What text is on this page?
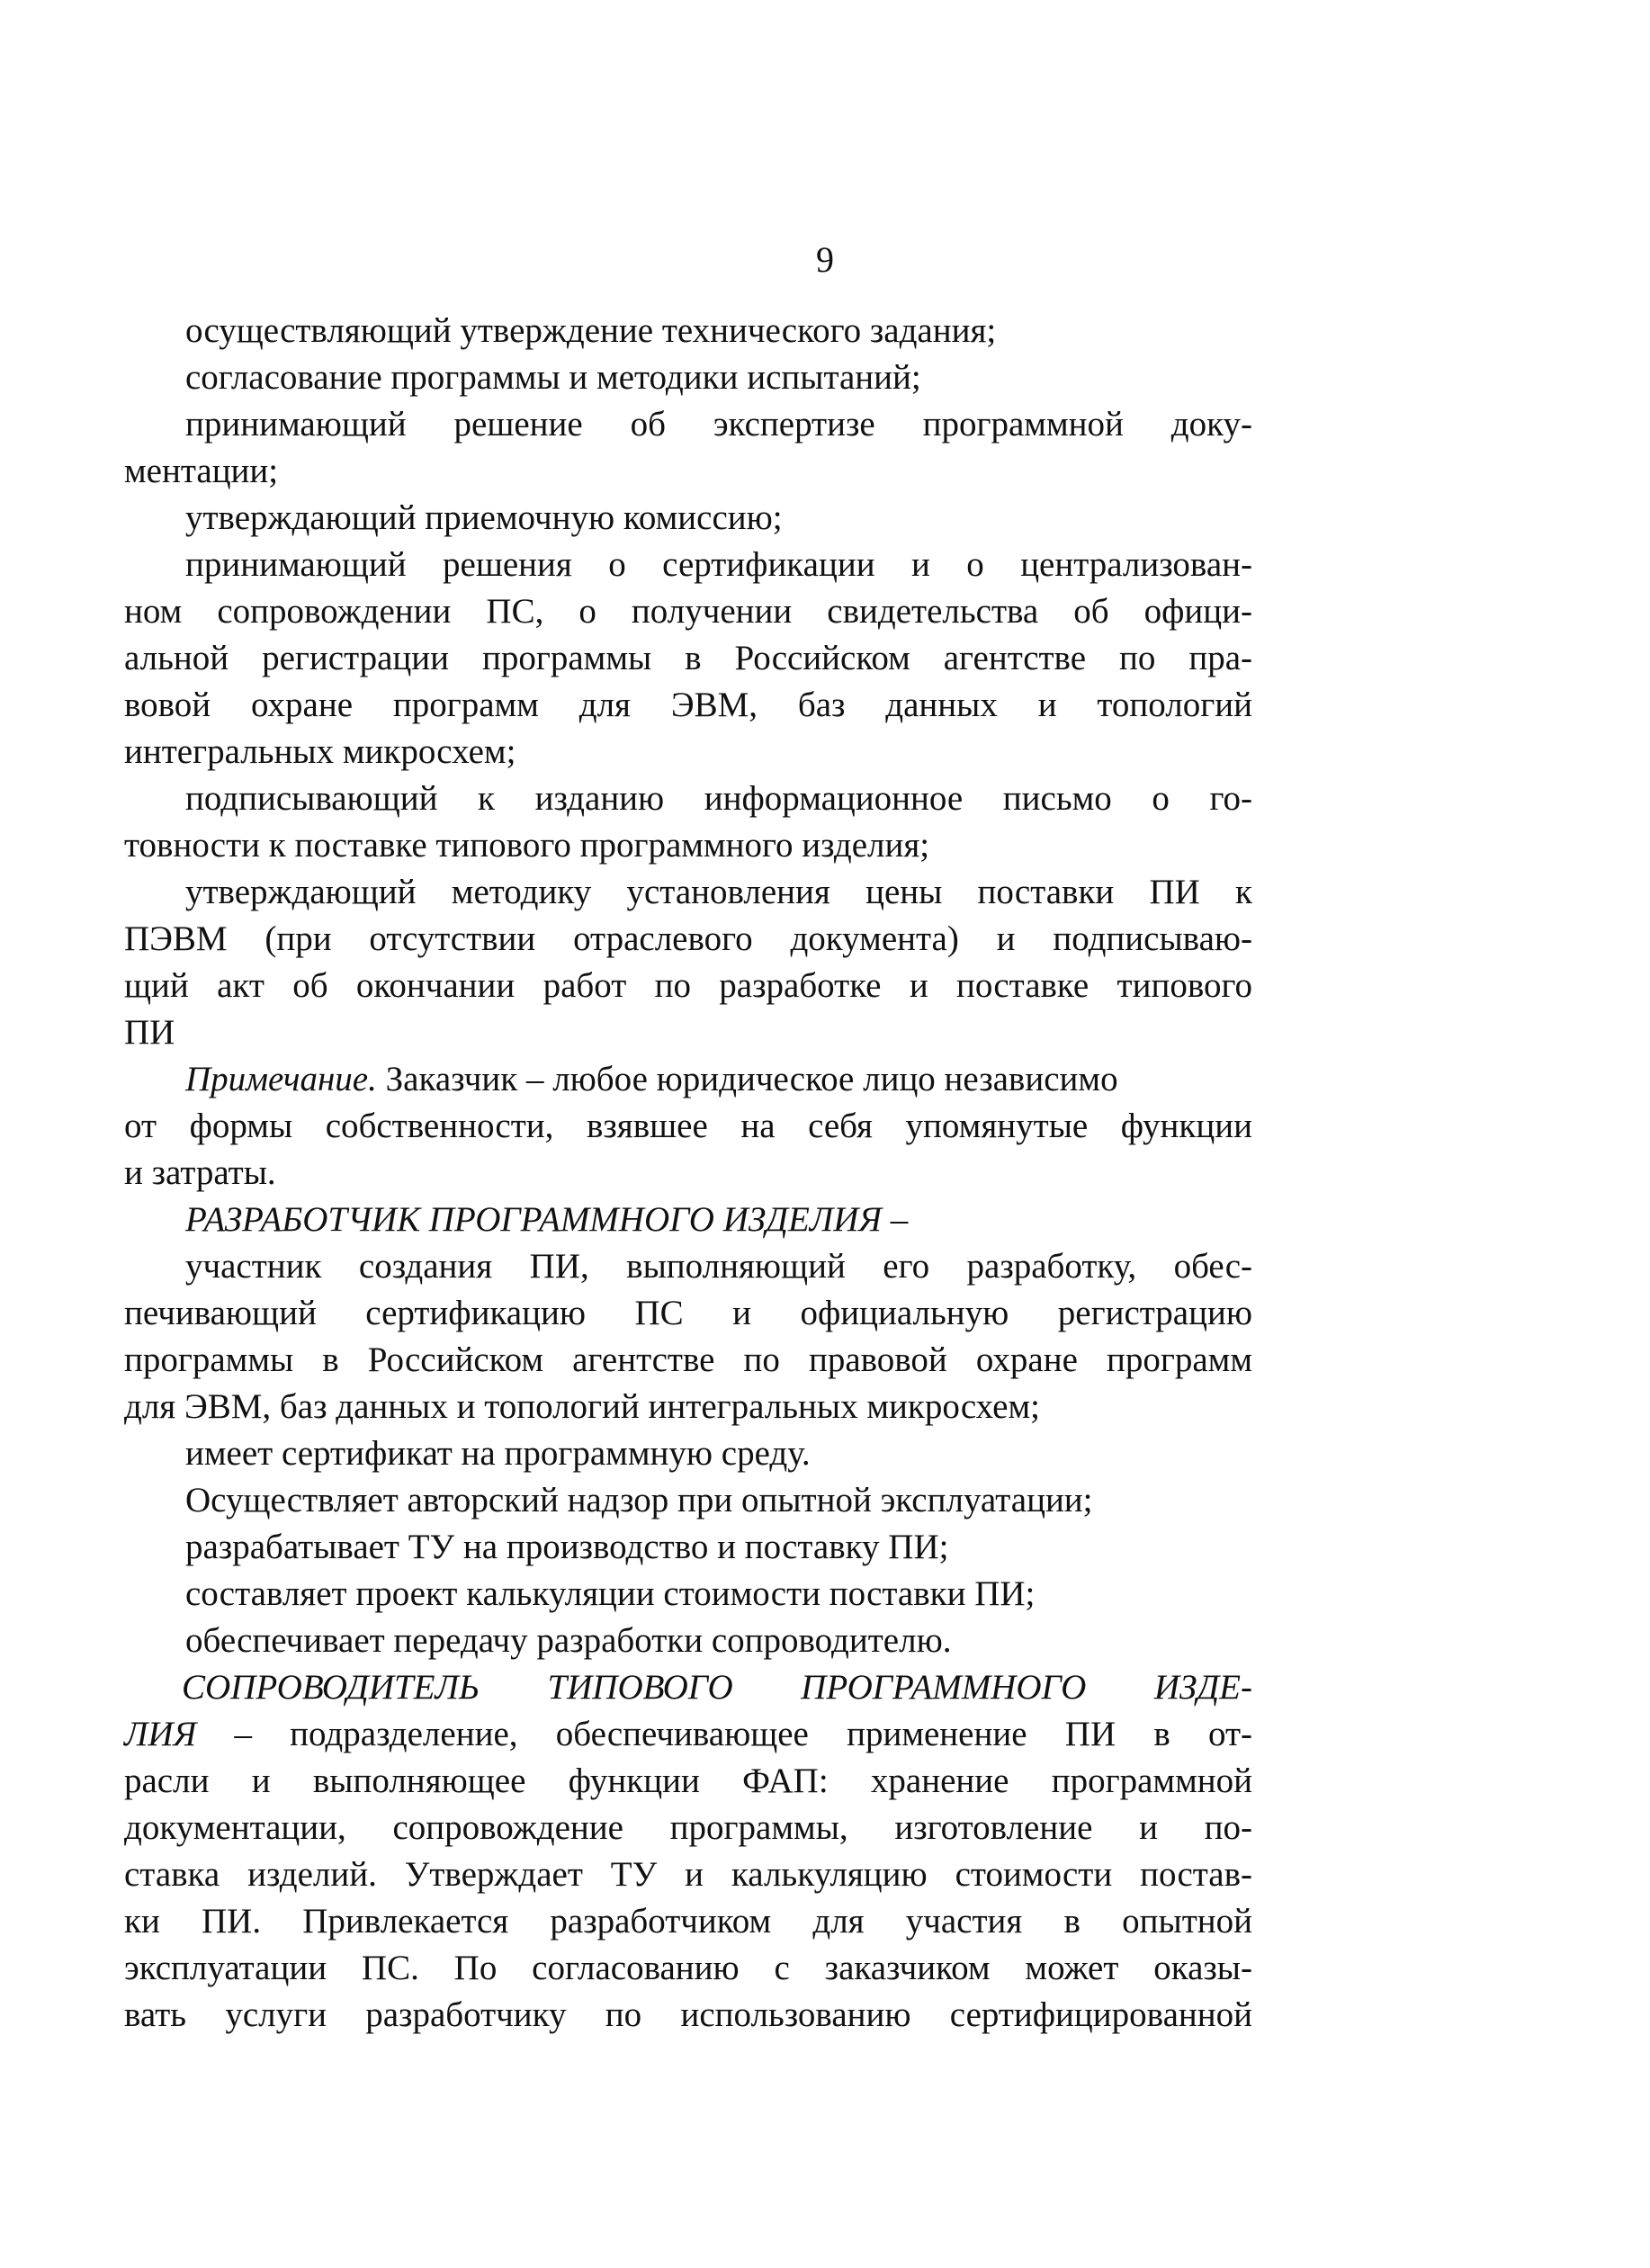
9
осуществляющий утверждение технического задания;
согласование программы и методики испытаний;
принимающий решение об экспертизе программной доку-
ментации;
утверждающий приемочную комиссию;
принимающий решения о сертификации и о централизован-
ном сопровождении ПС, о получении свидетельства об офици-
альной регистрации программы в Российском агентстве по пра-
вовой охране программ для ЭВМ, баз данных и топологий
интегральных микросхем;
подписывающий к изданию информационное письмо о го-
товности к поставке типового программного изделия;
утверждающий методику установления цены поставки ПИ к
ПЭВМ (при отсутствии отраслевого документа) и подписываю-
щий акт об окончании работ по разработке и поставке типового
ПИ
Примечание. Заказчик – любое юридическое лицо независимо
от формы собственности, взявшее на себя упомянутые функции
и затраты.
РАЗРАБОТЧИК ПРОГРАММНОГО ИЗДЕЛИЯ –
участник создания ПИ, выполняющий его разработку, обес-
печивающий сертификацию ПС и официальную регистрацию
программы в Российском агентстве по правовой охране программ
для ЭВМ, баз данных и топологий интегральных микросхем;
имеет сертификат на программную среду.
Осуществляет авторский надзор при опытной эксплуатации;
разрабатывает ТУ на производство и поставку ПИ;
составляет проект калькуляции стоимости поставки ПИ;
обеспечивает передачу разработки сопроводителю.
СОПРОВОДИТЕЛЬ ТИПОВОГО ПРОГРАММНОГО ИЗДЕ-
ЛИЯ – подразделение, обеспечивающее применение ПИ в от-
расли и выполняющее функции ФАП: хранение программной
документации, сопровождение программы, изготовление и по-
ставка изделий. Утверждает ТУ и калькуляцию стоимости постав-
ки ПИ. Привлекается разработчиком для участия в опытной
эксплуатации ПС. По согласованию с заказчиком может оказы-
вать услуги разработчику по использованию сертифицированной
